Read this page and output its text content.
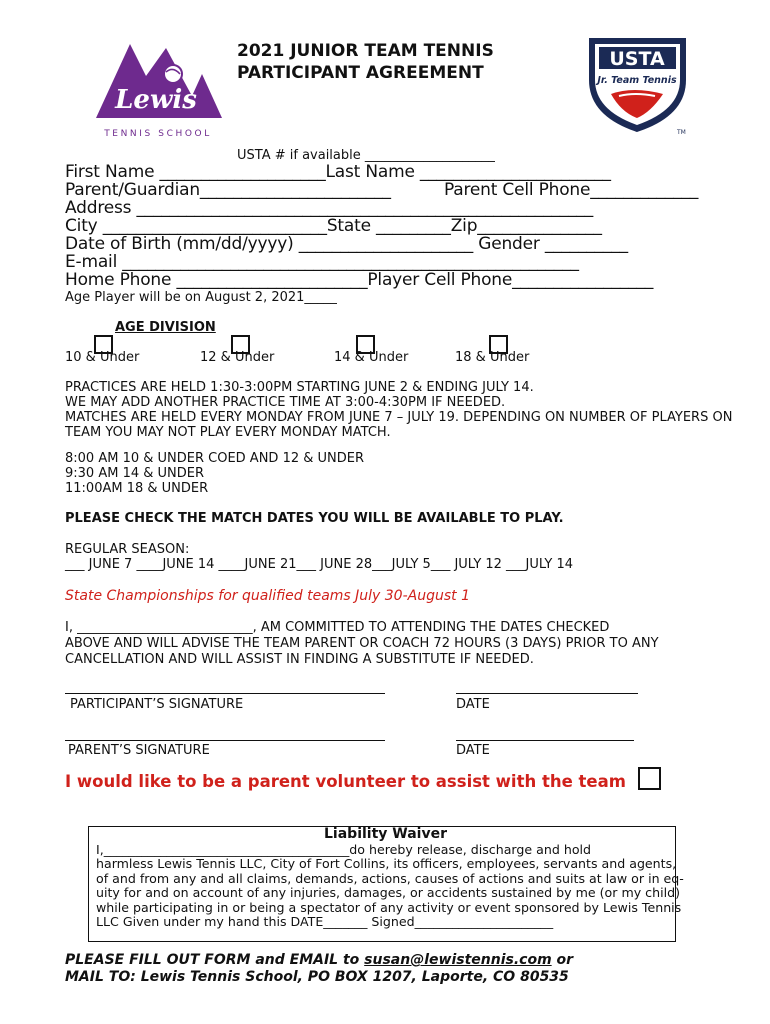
Lewis
TENNIS SCHOOL
USTA
Jr. Team Tennis
TM
2021 JUNIOR TEAM TENNIS
PARTICIPANT AGREEMENT
USTA # if available ____________________
First Name ____________________Last Name _______________________
Parent/Guardian_______________________	Parent Cell Phone_____________
Address _______________________________________________________
City ___________________________State _________Zip_______________
Date of Birth (mm/dd/yyyy) _____________________ Gender __________
E-mail _______________________________________________________
Home Phone _______________________Player Cell Phone_________________
Age Player will be on August 2, 2021_____
AGE DIVISION
10 & Under	12 & Under	14 & Under	18 & Under
PRACTICES ARE HELD 1:30-3:00PM STARTING JUNE 2 & ENDING JULY 14.
WE MAY ADD ANOTHER PRACTICE TIME AT 3:00-4:30PM IF NEEDED.
MATCHES ARE HELD EVERY MONDAY FROM JUNE 7 – JULY 19. DEPENDING ON NUMBER OF PLAYERS ON
TEAM YOU MAY NOT PLAY EVERY MONDAY MATCH.
8:00 AM 10 & UNDER COED AND 12 & UNDER
9:30 AM 14 & UNDER
11:00AM 18 & UNDER
PLEASE CHECK THE MATCH DATES YOU WILL BE AVAILABLE TO PLAY.
REGULAR SEASON:
___ JUNE 7 ____JUNE 14 ____JUNE 21___ JUNE 28___JULY 5___ JULY 12 ___JULY 14
State Championships for qualified teams July 30-August 1
I, ___________________________, AM COMMITTED TO ATTENDING THE DATES CHECKED
ABOVE AND WILL ADVISE THE TEAM PARENT OR COACH 72 HOURS (3 DAYS) PRIOR TO ANY
CANCELLATION AND WILL ASSIST IN FINDING A SUBSTITUTE IF NEEDED.
PARTICIPANT’S SIGNATURE	DATE
PARENT’S SIGNATURE	DATE
I would like to be a parent volunteer to assist with the team
Liability Waiver
I,_______________________________________do hereby release, discharge and hold
harmless Lewis Tennis LLC, City of Fort Collins, its officers, employees, servants and agents,
of and from any and all claims, demands, actions, causes of actions and suits at law or in eq-
uity for and on account of any injuries, damages, or accidents sustained by me (or my child)
while participating in or being a spectator of any activity or event sponsored by Lewis Tennis
LLC Given under my hand this DATE_______ Signed______________________
PLEASE FILL OUT FORM and EMAIL to susan@lewistennis.com or
MAIL TO: Lewis Tennis School, PO BOX 1207, Laporte, CO 80535
